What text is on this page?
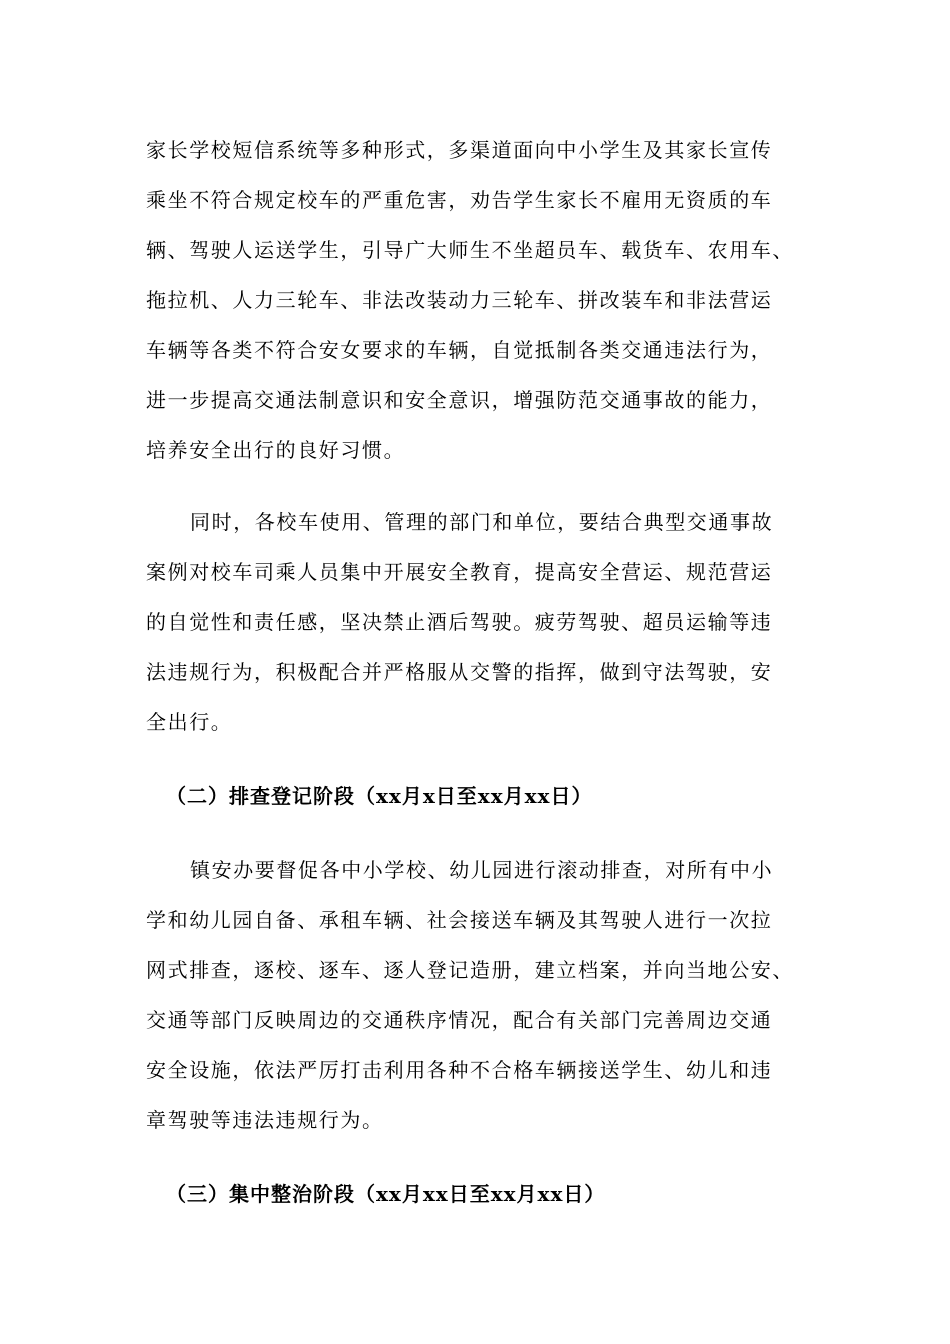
家长学校短信系统等多种形式，多渠道面向中小学生及其家长宣传
乘坐不符合规定校车的严重危害，劝告学生家长不雇用无资质的车
辆、驾驶人运送学生，引导广大师生不坐超员车、载货车、农用车、
拖拉机、人力三轮车、非法改装动力三轮车、拼改装车和非法营运
车辆等各类不符合安女要求的车辆，自觉抵制各类交通违法行为，
进一步提高交通法制意识和安全意识，增强防范交通事故的能力，
培养安全出行的良好习惯。
同时，各校车使用、管理的部门和单位，要结合典型交通事故
案例对校车司乘人员集中开展安全教育，提高安全营运、规范营运
的自觉性和责任感，坚决禁止酒后驾驶。疲劳驾驶、超员运输等违
法违规行为，积极配合并严格服从交警的指挥，做到守法驾驶，安
全出行。
（二）排查登记阶段（xx月x日至xx月xx日）
镇安办要督促各中小学校、幼儿园进行滚动排查，对所有中小
学和幼儿园自备、承租车辆、社会接送车辆及其驾驶人进行一次拉
网式排查，逐校、逐车、逐人登记造册，建立档案，并向当地公安、
交通等部门反映周边的交通秩序情况，配合有关部门完善周边交通
安全设施，依法严厉打击利用各种不合格车辆接送学生、幼儿和违
章驾驶等违法违规行为。
（三）集中整治阶段（xx月xx日至xx月xx日）
